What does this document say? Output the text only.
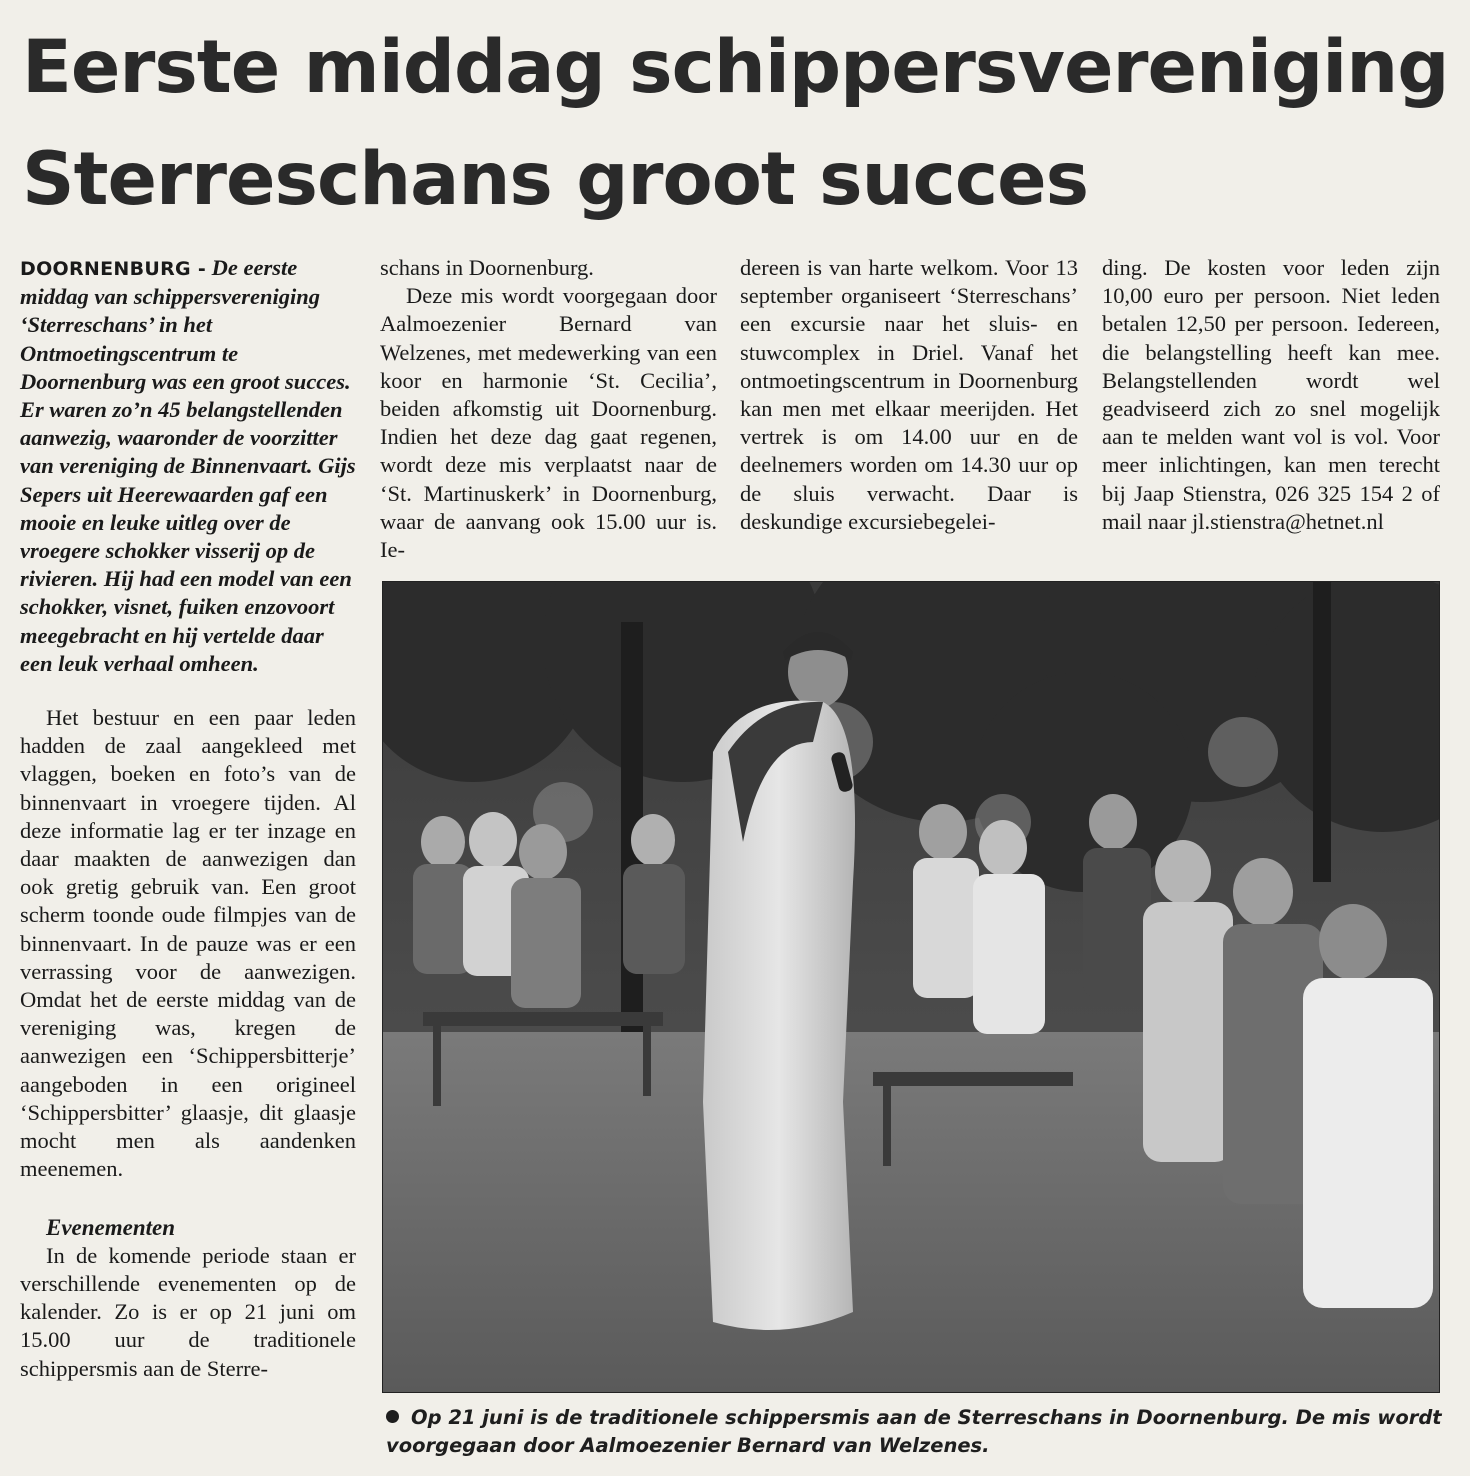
Eerste middag schippersvereniging
Sterreschans groot succes

DOORNENBURG - De eerste middag van schippersvereniging ‘Sterreschans’ in het Ontmoetingscentrum te Doornenburg was een groot succes. Er waren zo’n 45 belangstellenden aanwezig, waaronder de voorzitter van vereniging de Binnenvaart. Gijs Sepers uit Heerewaarden gaf een mooie en leuke uitleg over de vroegere schokker visserij op de rivieren. Hij had een model van een schokker, visnet, fuiken enzovoort meegebracht en hij vertelde daar een leuk verhaal omheen.

Het bestuur en een paar leden hadden de zaal aangekleed met vlaggen, boeken en foto’s van de binnenvaart in vroegere tijden. Al deze informatie lag er ter inzage en daar maakten de aanwezigen dan ook gretig gebruik van. Een groot scherm toonde oude filmpjes van de binnenvaart. In de pauze was er een verrassing voor de aanwezigen. Omdat het de eerste middag van de vereniging was, kregen de aanwezigen een ‘Schippersbitterje’ aangeboden in een origineel ‘Schippersbitter’ glaasje, dit glaasje mocht men als aandenken meenemen.

Evenementen

In de komende periode staan er verschillende evenementen op de kalender. Zo is er op 21 juni om 15.00 uur de traditionele schippersmis aan de Sterre-

schans in Doornenburg.

Deze mis wordt voorgegaan door Aalmoezenier Bernard van Welzenes, met medewerking van een koor en harmonie ‘St. Cecilia’, beiden afkomstig uit Doornenburg. Indien het deze dag gaat regenen, wordt deze mis verplaatst naar de ‘St. Martinuskerk’ in Doornenburg, waar de aanvang ook 15.00 uur is. Ie-

dereen is van harte welkom. Voor 13 september organiseert ‘Sterreschans’ een excursie naar het sluis- en stuwcomplex in Driel. Vanaf het ontmoetingscentrum in Doornenburg kan men met elkaar meerijden. Het vertrek is om 14.00 uur en de deelnemers worden om 14.30 uur op de sluis verwacht. Daar is deskundige excursiebegelei-

ding. De kosten voor leden zijn 10,00 euro per persoon. Niet leden betalen 12,50 per persoon. Iedereen, die belangstelling heeft kan mee. Belangstellenden wordt wel geadviseerd zich zo snel mogelijk aan te melden want vol is vol. Voor meer inlichtingen, kan men terecht bij Jaap Stienstra, 026 325 154 2 of mail naar jl.stienstra@hetnet.nl

Op 21 juni is de traditionele schippersmis aan de Sterreschans in Doornenburg. De mis wordt voorgegaan door Aalmoezenier Bernard van Welzenes.
